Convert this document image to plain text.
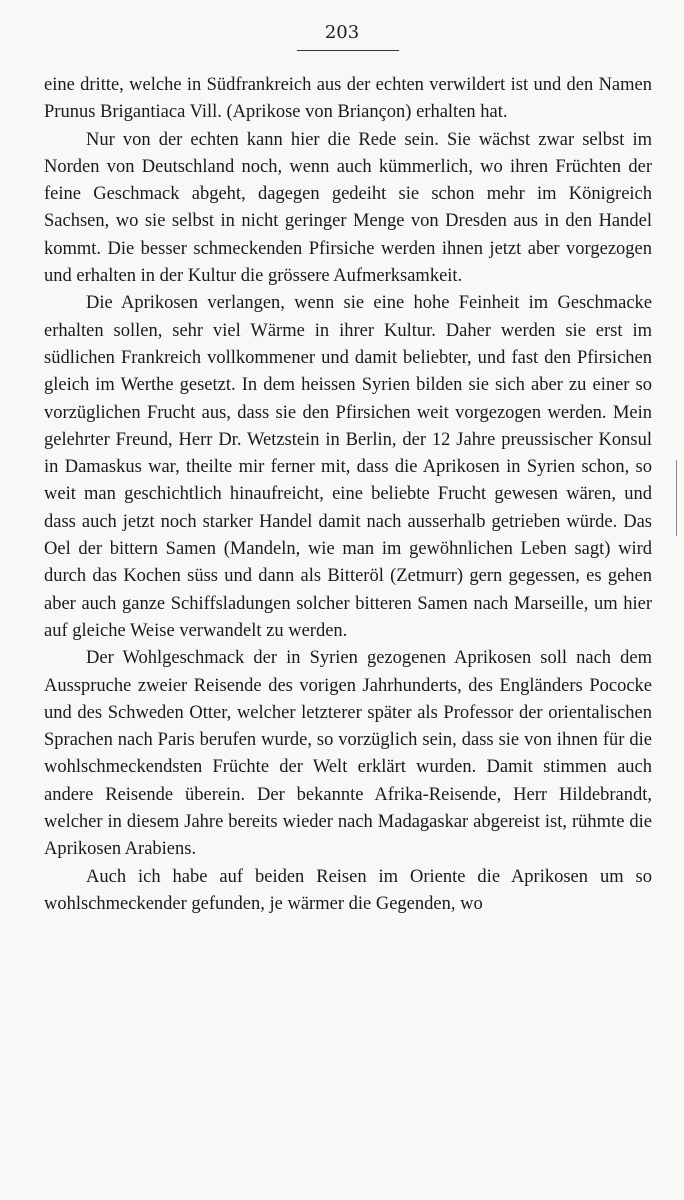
203

eine dritte, welche in Südfrankreich aus der echten verwildert ist und den Namen Prunus Brigantiaca Vill. (Aprikose von Briançon) erhalten hat.

Nur von der echten kann hier die Rede sein. Sie wächst zwar selbst im Norden von Deutschland noch, wenn auch kümmerlich, wo ihren Früchten der feine Geschmack abgeht, dagegen gedeiht sie schon mehr im Königreich Sachsen, wo sie selbst in nicht geringer Menge von Dresden aus in den Handel kommt. Die besser schmeckenden Pfirsiche werden ihnen jetzt aber vorgezogen und erhalten in der Kultur die grössere Aufmerksamkeit.

Die Aprikosen verlangen, wenn sie eine hohe Feinheit im Geschmacke erhalten sollen, sehr viel Wärme in ihrer Kultur. Daher werden sie erst im südlichen Frankreich vollkommener und damit beliebter, und fast den Pfirsichen gleich im Werthe gesetzt. In dem heissen Syrien bilden sie sich aber zu einer so vorzüglichen Frucht aus, dass sie den Pfirsichen weit vorgezogen werden. Mein gelehrter Freund, Herr Dr. Wetzstein in Berlin, der 12 Jahre preussischer Konsul in Damaskus war, theilte mir ferner mit, dass die Aprikosen in Syrien schon, so weit man geschichtlich hinaufreicht, eine beliebte Frucht gewesen wären, und dass auch jetzt noch starker Handel damit nach ausserhalb getrieben würde. Das Oel der bittern Samen (Mandeln, wie man im gewöhnlichen Leben sagt) wird durch das Kochen süss und dann als Bitteröl (Zetmurr) gern gegessen, es gehen aber auch ganze Schiffsladungen solcher bitteren Samen nach Marseille, um hier auf gleiche Weise verwandelt zu werden.

Der Wohlgeschmack der in Syrien gezogenen Aprikosen soll nach dem Ausspruche zweier Reisende des vorigen Jahrhunderts, des Engländers Pococke und des Schweden Otter, welcher letzterer später als Professor der orientalischen Sprachen nach Paris berufen wurde, so vorzüglich sein, dass sie von ihnen für die wohlschmeckendsten Früchte der Welt erklärt wurden. Damit stimmen auch andere Reisende überein. Der bekannte Afrika-Reisende, Herr Hildebrandt, welcher in diesem Jahre bereits wieder nach Madagaskar abgereist ist, rühmte die Aprikosen Arabiens.

Auch ich habe auf beiden Reisen im Oriente die Aprikosen um so wohlschmeckender gefunden, je wärmer die Gegenden, wo
